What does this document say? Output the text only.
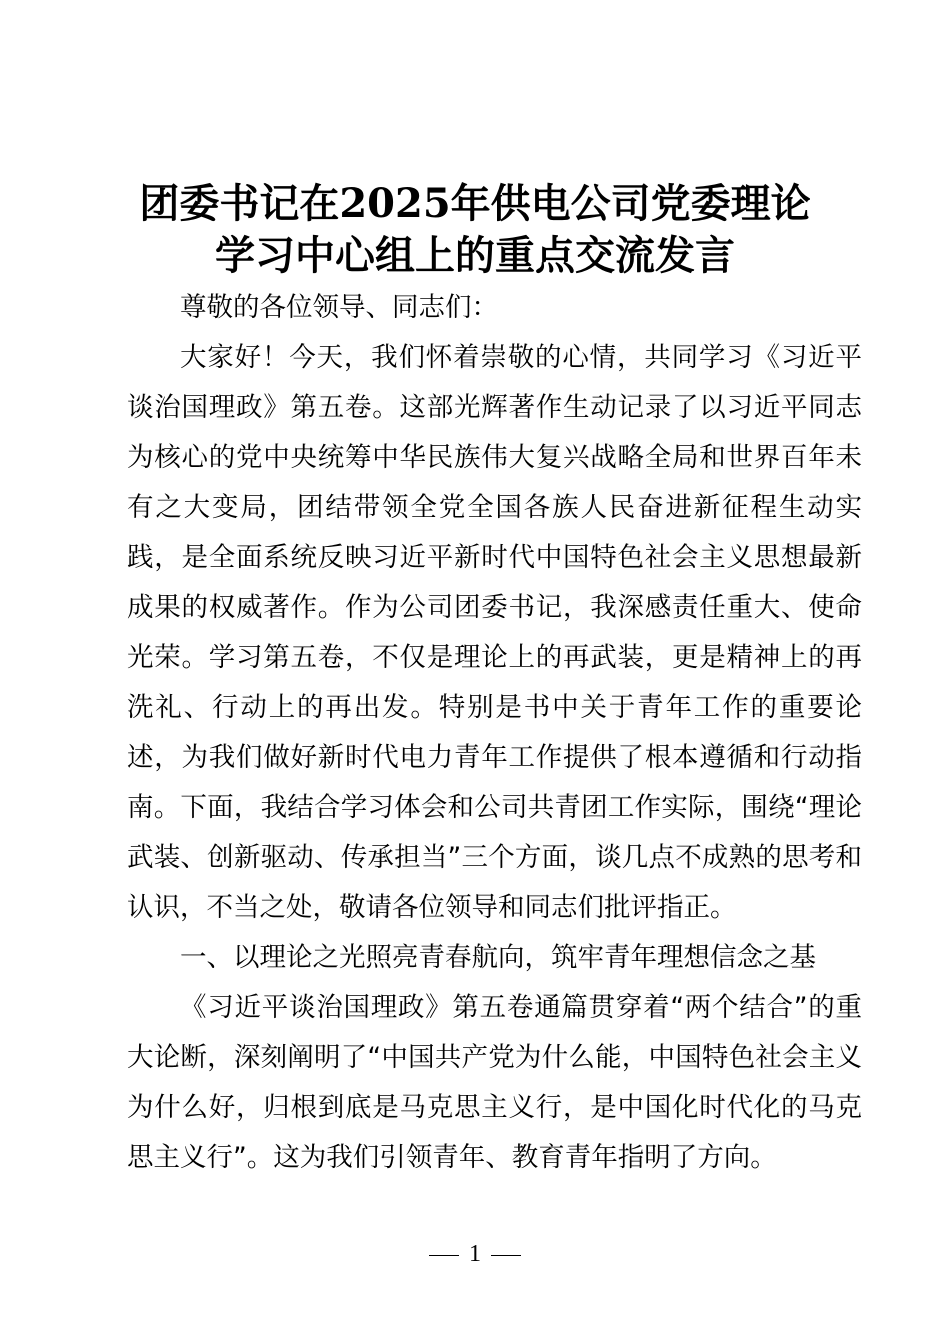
团委书记在2025年供电公司党委理论
学习中心组上的重点交流发言

尊敬的各位领导、同志们：

大家好！今天，我们怀着崇敬的心情，共同学习《习近平谈治国理政》第五卷。这部光辉著作生动记录了以习近平同志为核心的党中央统筹中华民族伟大复兴战略全局和世界百年未有之大变局，团结带领全党全国各族人民奋进新征程生动实践，是全面系统反映习近平新时代中国特色社会主义思想最新成果的权威著作。作为公司团委书记，我深感责任重大、使命光荣。学习第五卷，不仅是理论上的再武装，更是精神上的再洗礼、行动上的再出发。特别是书中关于青年工作的重要论述，为我们做好新时代电力青年工作提供了根本遵循和行动指南。下面，我结合学习体会和公司共青团工作实际，围绕“理论武装、创新驱动、传承担当”三个方面，谈几点不成熟的思考和认识，不当之处，敬请各位领导和同志们批评指正。

一、以理论之光照亮青春航向，筑牢青年理想信念之基

《习近平谈治国理政》第五卷通篇贯穿着“两个结合”的重大论断，深刻阐明了“中国共产党为什么能，中国特色社会主义为什么好，归根到底是马克思主义行，是中国化时代化的马克思主义行”。这为我们引领青年、教育青年指明了方向。

1
